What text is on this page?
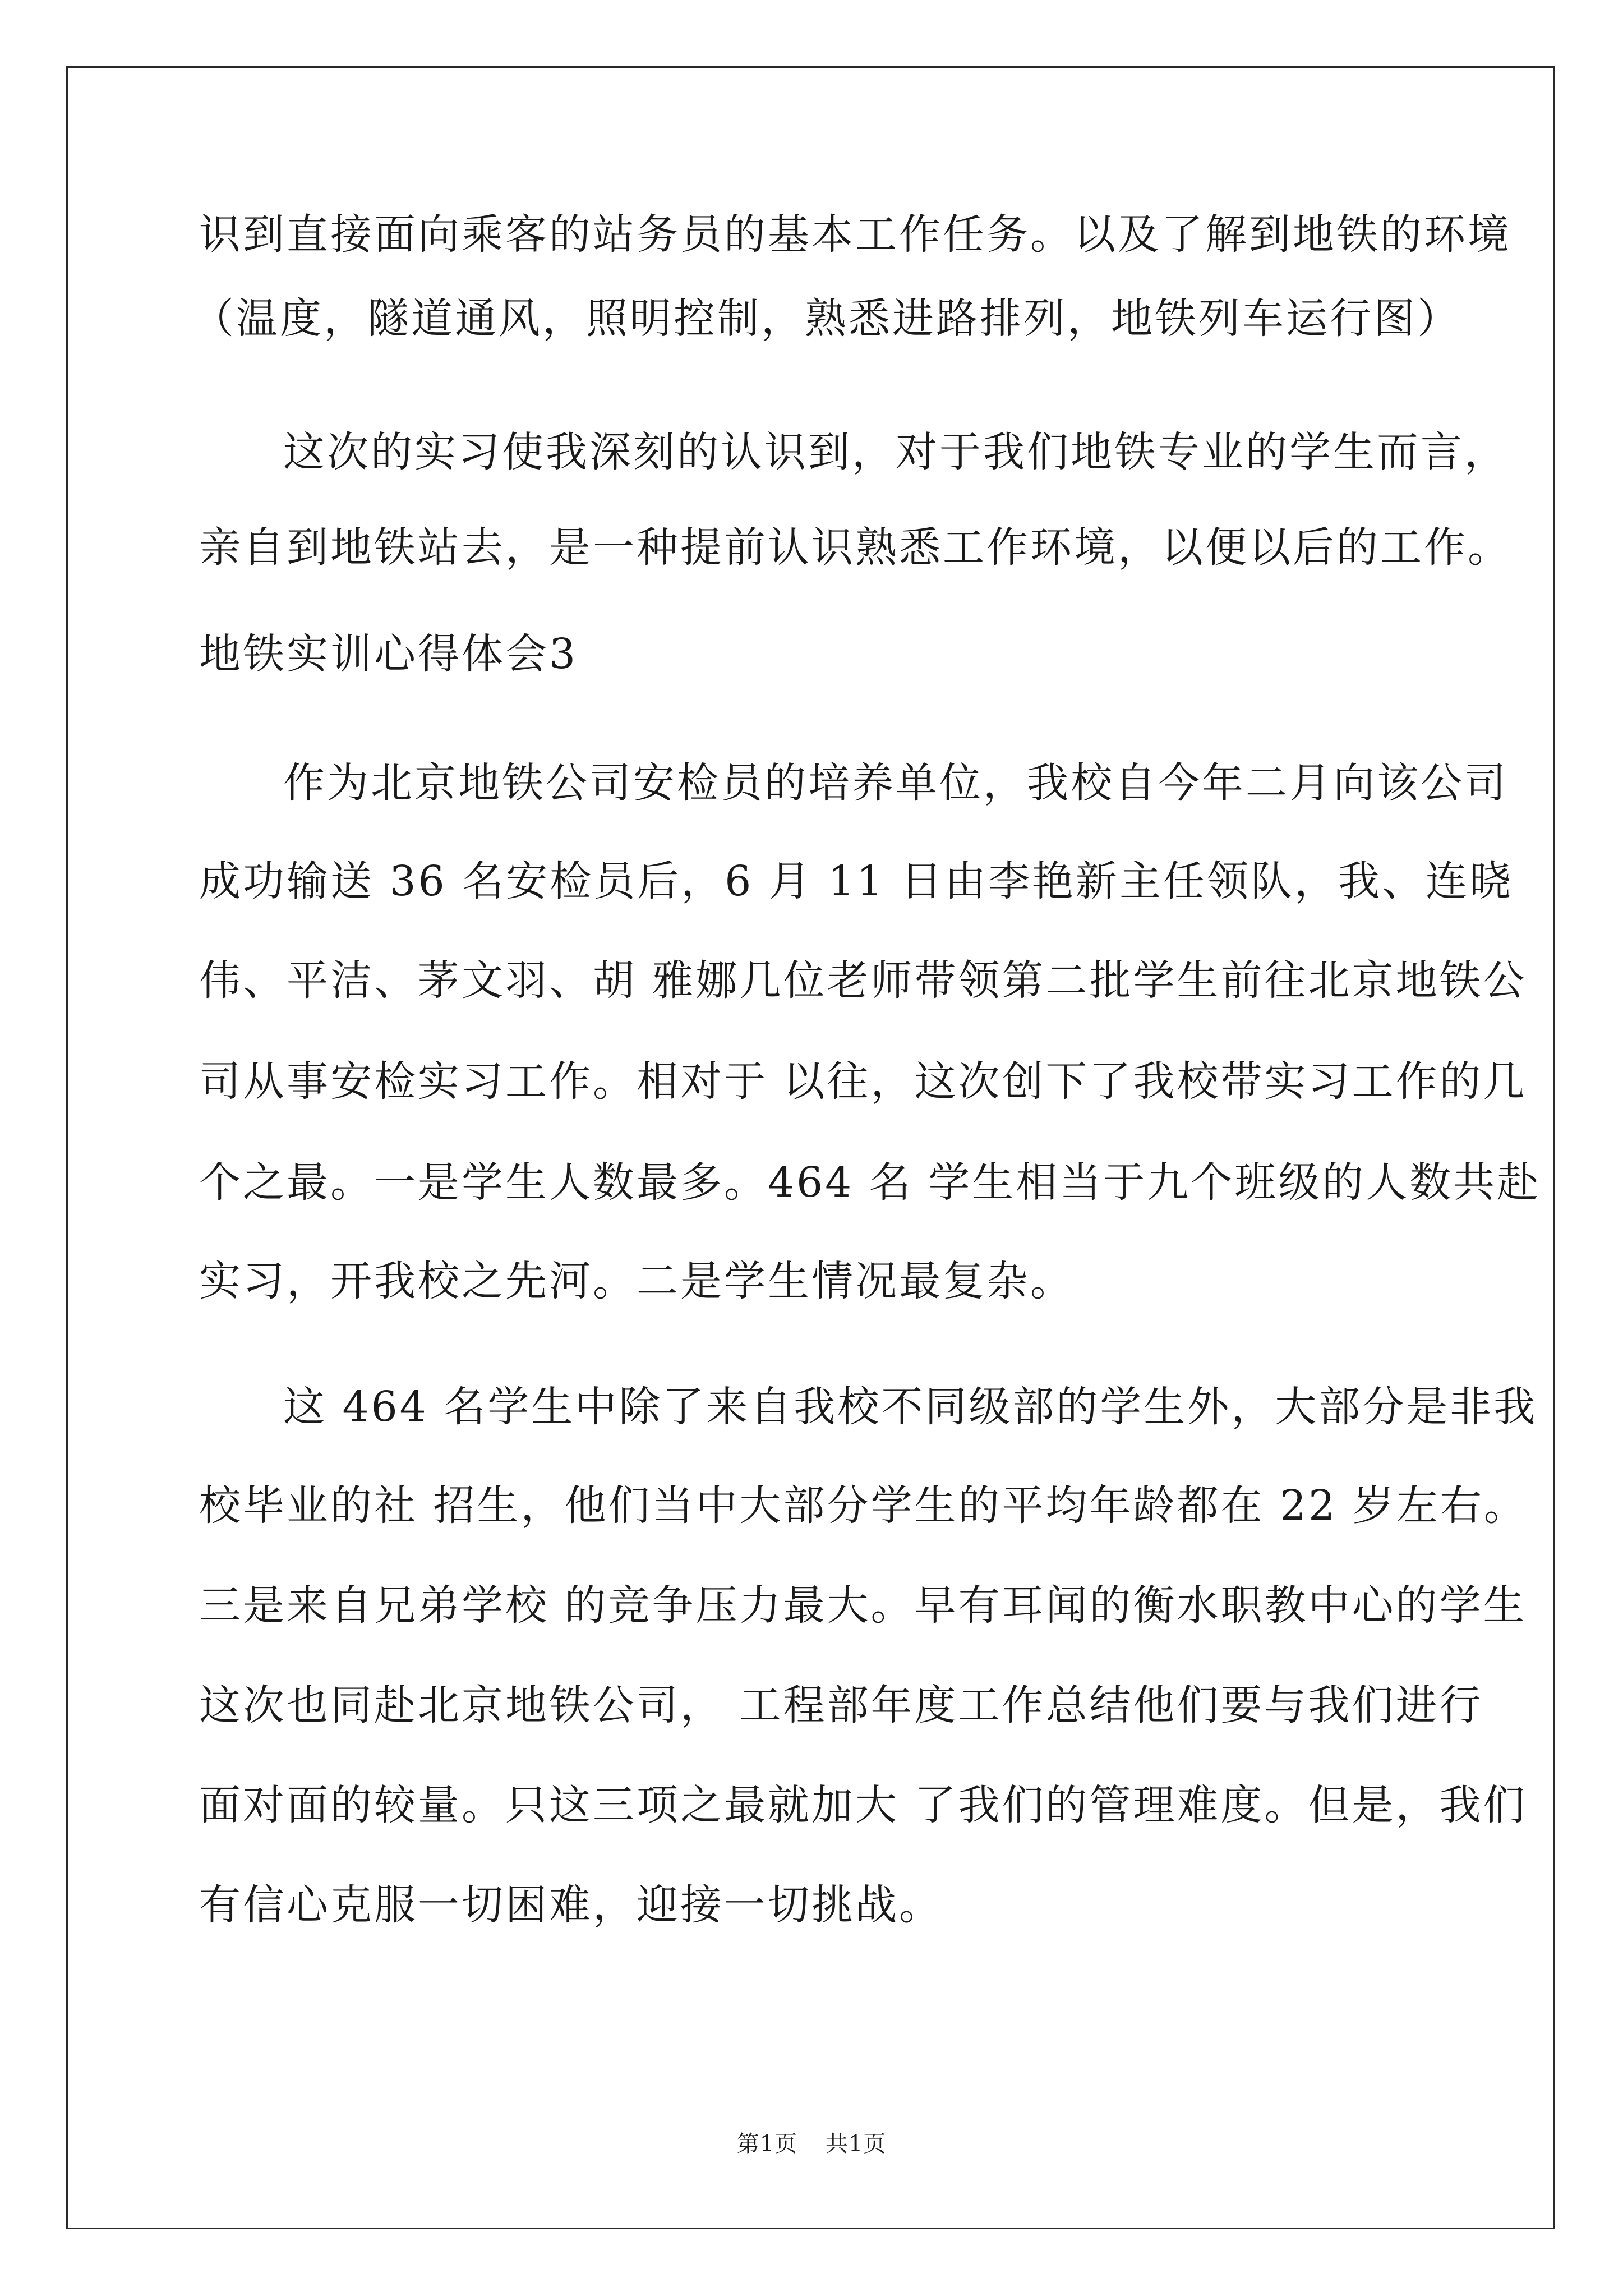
识到直接面向乘客的站务员的基本工作任务。以及了解到地铁的环境
（温度，隧道通风，照明控制，熟悉进路排列，地铁列车运行图）
这次的实习使我深刻的认识到，对于我们地铁专业的学生而言，
亲自到地铁站去，是一种提前认识熟悉工作环境，以便以后的工作。
地铁实训心得体会3
作为北京地铁公司安检员的培养单位，我校自今年二月向该公司
成功输送 36 名安检员后，6 月 11 日由李艳新主任领队，我、连晓
伟、平洁、茅文羽、胡 雅娜几位老师带领第二批学生前往北京地铁公
司从事安检实习工作。相对于 以往，这次创下了我校带实习工作的几
个之最。一是学生人数最多。464 名 学生相当于九个班级的人数共赴
实习，开我校之先河。二是学生情况最复杂。
这 464 名学生中除了来自我校不同级部的学生外，大部分是非我
校毕业的社 招生，他们当中大部分学生的平均年龄都在 22 岁左右。
三是来自兄弟学校 的竞争压力最大。早有耳闻的衡水职教中心的学生
这次也同赴北京地铁公司， 工程部年度工作总结他们要与我们进行
面对面的较量。只这三项之最就加大 了我们的管理难度。但是，我们
有信心克服一切困难，迎接一切挑战。
第1页 共1页
